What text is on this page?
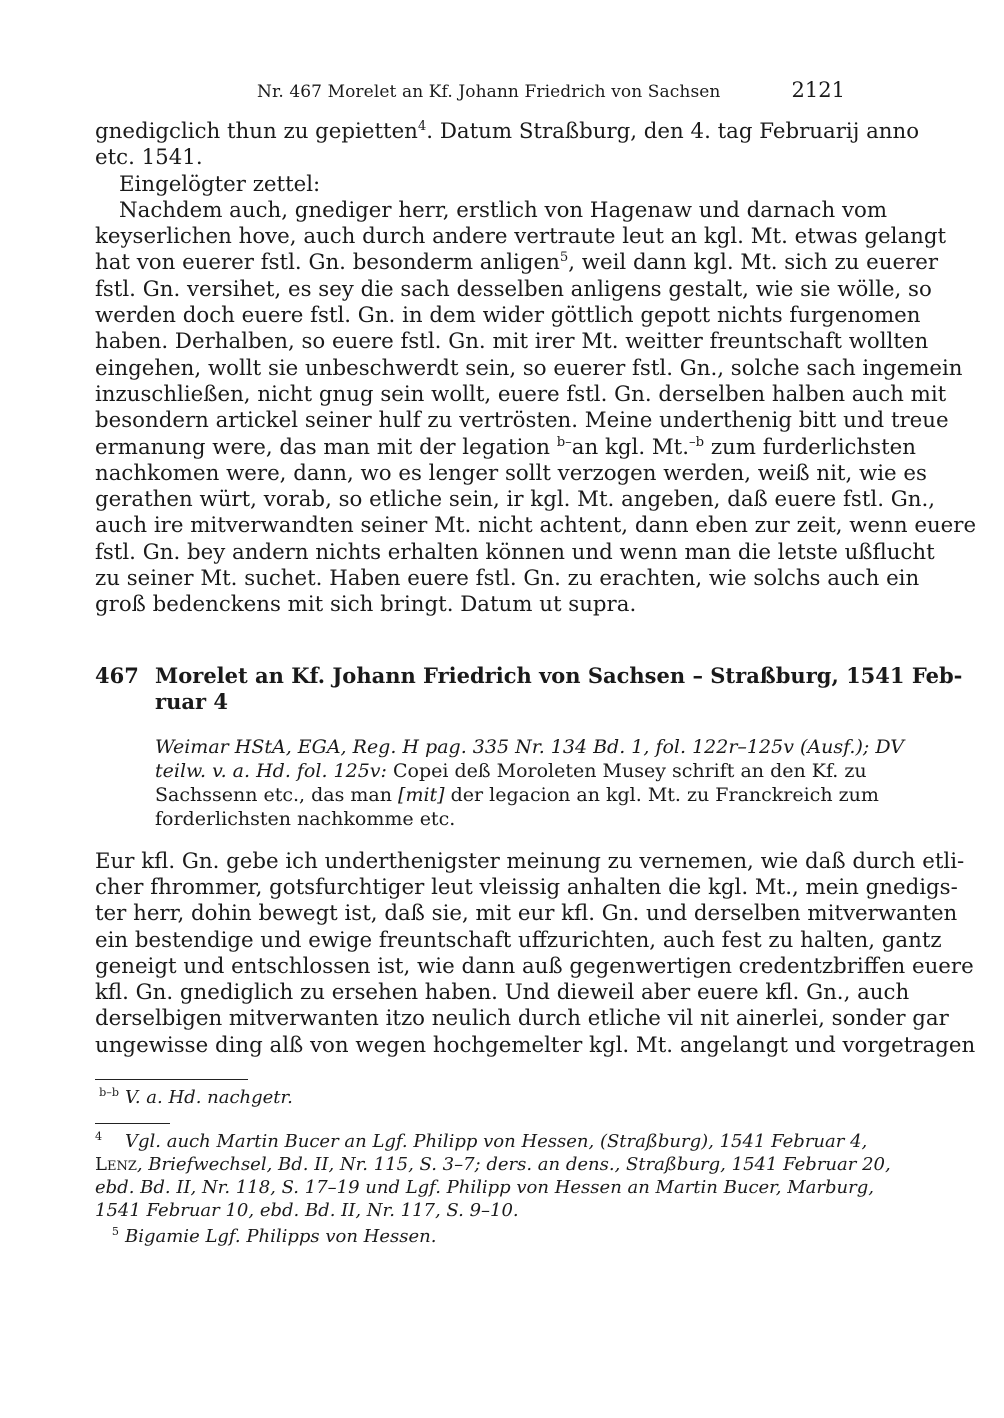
Nr. 467 Morelet an Kf. Johann Friedrich von Sachsen	2121
gnedigclich thun zu gepietten$^4$. Datum Straßburg, den 4. tag Februarij anno
etc. 1541.
Eingelögter zettel:
Nachdem auch, gnediger herr, erstlich von Hagenaw und darnach vom
keyserlichen hove, auch durch andere vertraute leut an kgl. Mt. etwas gelangt
hat von euerer fstl. Gn. besonderm anligen$^5$, weil dann kgl. Mt. sich zu euerer
fstl. Gn. versihet, es sey die sach desselben anligens gestalt, wie sie wölle, so
werden doch euere fstl. Gn. in dem wider göttlich gepott nichts furgenomen
haben. Derhalben, so euere fstl. Gn. mit irer Mt. weitter freuntschaft wollten
eingehen, wollt sie unbeschwerdt sein, so euerer fstl. Gn., solche sach ingemein
inzuschließen, nicht gnug sein wollt, euere fstl. Gn. derselben halben auch mit
besondern artickel seiner hulf zu vertrösten. Meine underthenig bitt und treue
ermanung were, das man mit der legation $^{b-}$an kgl. Mt.$^{-b}$ zum furderlichsten
nachkomen were, dann, wo es lenger sollt verzogen werden, weiß nit, wie es
gerathen würt, vorab, so etliche sein, ir kgl. Mt. angeben, daß euere fstl. Gn.,
auch ire mitverwandten seiner Mt. nicht achtent, dann eben zur zeit, wenn euere
fstl. Gn. bey andern nichts erhalten können und wenn man die letste ußflucht
zu seiner Mt. suchet. Haben euere fstl. Gn. zu erachten, wie solchs auch ein
groß bedenckens mit sich bringt. Datum ut supra.
467 Morelet an Kf. Johann Friedrich von Sachsen – Straßburg, 1541 Feb-
ruar 4
Weimar HStA, EGA, Reg. H pag. 335 Nr. 134 Bd. 1, fol. 122r–125v (Ausf.); DV
teilw. v. a. Hd. fol. 125v: Copei deß Moroleten Musey schrift an den Kf. zu
Sachssenn etc., das man [mit] der legacion an kgl. Mt. zu Franckreich zum
forderlichsten nachkomme etc.
Eur kfl. Gn. gebe ich underthenigster meinung zu vernemen, wie daß durch etli-
cher fhrommer, gotsfurchtiger leut vleissig anhalten die kgl. Mt., mein gnedigs-
ter herr, dohin bewegt ist, daß sie, mit eur kfl. Gn. und derselben mitverwanten
ein bestendige und ewige freuntschaft uffzurichten, auch fest zu halten, gantz
geneigt und entschlossen ist, wie dann auß gegenwertigen credentzbriffen euere
kfl. Gn. gnediglich zu ersehen haben. Und dieweil aber euere kfl. Gn., auch
derselbigen mitverwanten itzo neulich durch etliche vil nit ainerlei, sonder gar
ungewisse ding alß von wegen hochgemelter kgl. Mt. angelangt und vorgetragen
$^{b-b}$ V. a. Hd. nachgetr.
$^4$ Vgl. auch Martin Bucer an Lgf. Philipp von Hessen, (Straßburg), 1541 Februar 4,
Lenz, Briefwechsel, Bd. II, Nr. 115, S. 3–7; ders. an dens., Straßburg, 1541 Februar 20,
ebd. Bd. II, Nr. 118, S. 17–19 und Lgf. Philipp von Hessen an Martin Bucer, Marburg,
1541 Februar 10, ebd. Bd. II, Nr. 117, S. 9–10.
$^5$ Bigamie Lgf. Philipps von Hessen.
